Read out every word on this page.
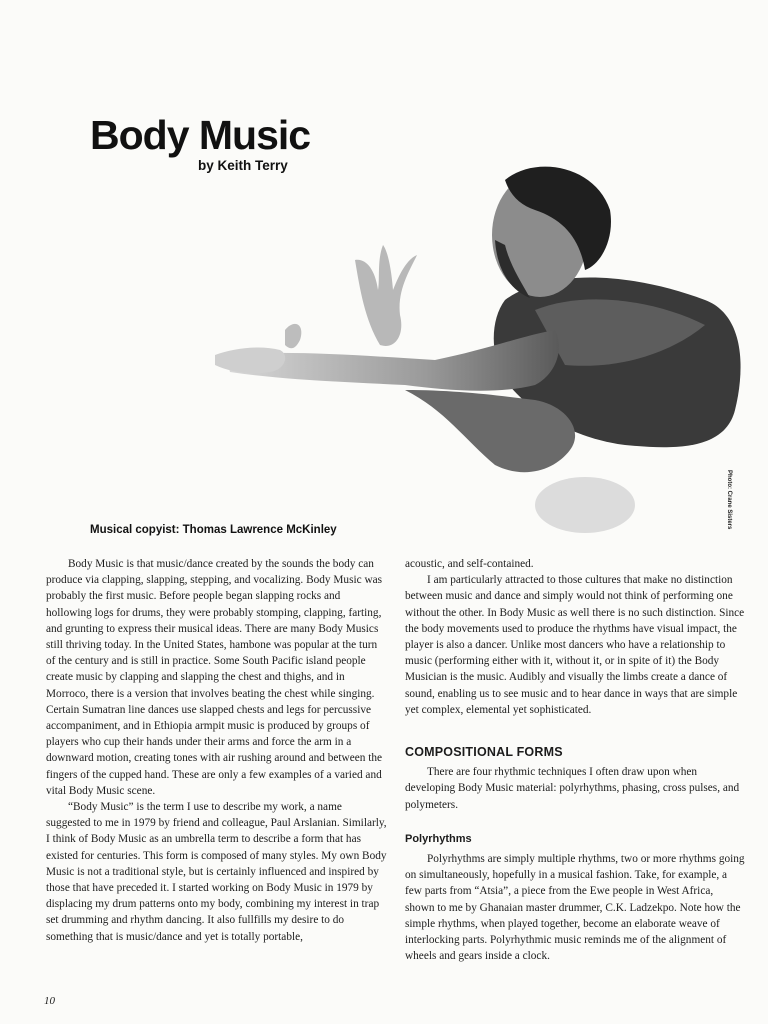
Body Music
by Keith Terry
Photo: Crane Sisters
Musical copyist: Thomas Lawrence McKinley

Body Music is that music/dance created by the sounds the body can produce via clapping, slapping, stepping, and vocalizing. Body Music was probably the first music. Before people began slapping rocks and hollowing logs for drums, they were probably stomping, clapping, farting, and grunting to express their musical ideas. There are many Body Musics still thriving today. In the United States, hambone was popular at the turn of the century and is still in practice. Some South Pacific island people create music by clapping and slapping the chest and thighs, and in Morroco, there is a version that involves beating the chest while singing. Certain Sumatran line dances use slapped chests and legs for percussive accompaniment, and in Ethiopia armpit music is produced by groups of players who cup their hands under their arms and force the arm in a downward motion, creating tones with air rushing around and between the fingers of the cupped hand. These are only a few examples of a varied and vital Body Music scene.

“Body Music” is the term I use to describe my work, a name suggested to me in 1979 by friend and colleague, Paul Arslanian. Similarly, I think of Body Music as an umbrella term to describe a form that has existed for centuries. This form is composed of many styles. My own Body Music is not a traditional style, but is certainly influenced and inspired by those that have preceded it. I started working on Body Music in 1979 by displacing my drum patterns onto my body, combining my interest in trap set drumming and rhythm dancing. It also fullfills my desire to do something that is music/dance and yet is totally portable,

acoustic, and self-contained.

I am particularly attracted to those cultures that make no distinction between music and dance and simply would not think of performing one without the other. In Body Music as well there is no such distinction. Since the body movements used to produce the rhythms have visual impact, the player is also a dancer. Unlike most dancers who have a relationship to music (performing either with it, without it, or in spite of it) the Body Musician is the music. Audibly and visually the limbs create a dance of sound, enabling us to see music and to hear dance in ways that are simple yet complex, elemental yet sophisticated.

COMPOSITIONAL FORMS

There are four rhythmic techniques I often draw upon when developing Body Music material: polyrhythms, phasing, cross pulses, and polymeters.

Polyrhythms

Polyrhythms are simply multiple rhythms, two or more rhythms going on simultaneously, hopefully in a musical fashion. Take, for example, a few parts from “Atsia”, a piece from the Ewe people in West Africa, shown to me by Ghanaian master drummer, C.K. Ladzekpo. Note how the simple rhythms, when played together, become an elaborate weave of interlocking parts. Polyrhythmic music reminds me of the alignment of wheels and gears inside a clock.

10
